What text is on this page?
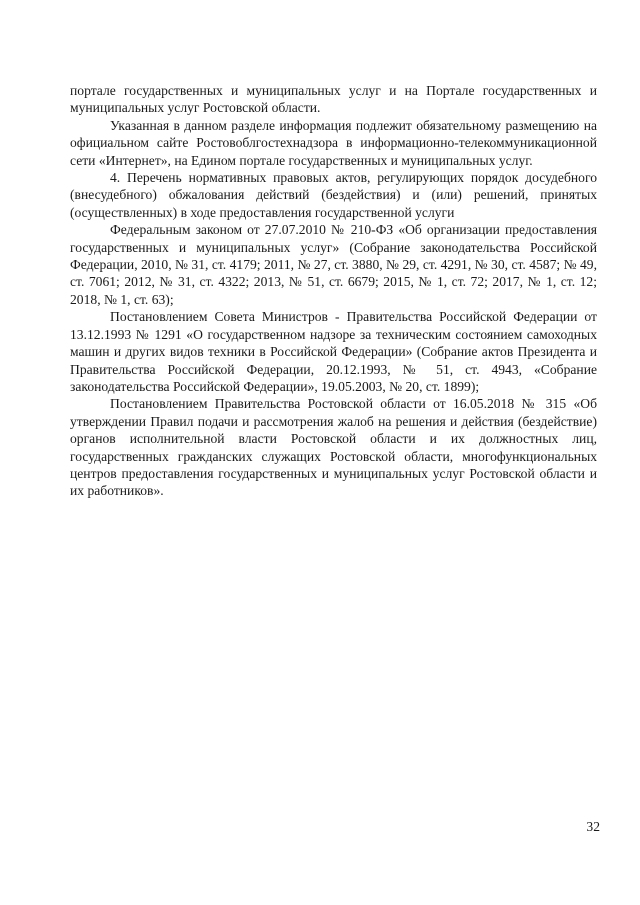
порталe государственных и муниципальных услуг и на Портале государственных и муниципальных услуг Ростовской области.

Указанная в данном разделе информация подлежит обязательному размещению на официальном сайте Ростовоблгостехнадзора в информационно-телекоммуникационной сети «Интернет», на Едином портале государственных и муниципальных услуг.

4. Перечень нормативных правовых актов, регулирующих порядок досудебного (внесудебного) обжалования действий (бездействия) и (или) решений, принятых (осуществленных) в ходе предоставления государственной услуги

Федеральным законом от 27.07.2010 № 210-ФЗ «Об организации предоставления государственных и муниципальных услуг» (Собрание законодательства Российской Федерации, 2010, № 31, ст. 4179; 2011, № 27, ст. 3880, № 29, ст. 4291, № 30, ст. 4587; № 49, ст. 7061; 2012, № 31, ст. 4322; 2013, № 51, ст. 6679; 2015, № 1, ст. 72; 2017, № 1, ст. 12; 2018, № 1, ст. 63);

Постановлением Совета Министров - Правительства Российской Федерации от 13.12.1993 № 1291 «О государственном надзоре за техническим состоянием самоходных машин и других видов техники в Российской Федерации» (Собрание актов Президента и Правительства Российской Федерации, 20.12.1993, № 51, ст. 4943, «Собрание законодательства Российской Федерации», 19.05.2003, № 20, ст. 1899);

Постановлением Правительства Ростовской области от 16.05.2018 № 315 «Об утверждении Правил подачи и рассмотрения жалоб на решения и действия (бездействие) органов исполнительной власти Ростовской области и их должностных лиц, государственных гражданских служащих Ростовской области, многофункциональных центров предоставления государственных и муниципальных услуг Ростовской области и их работников».

32
